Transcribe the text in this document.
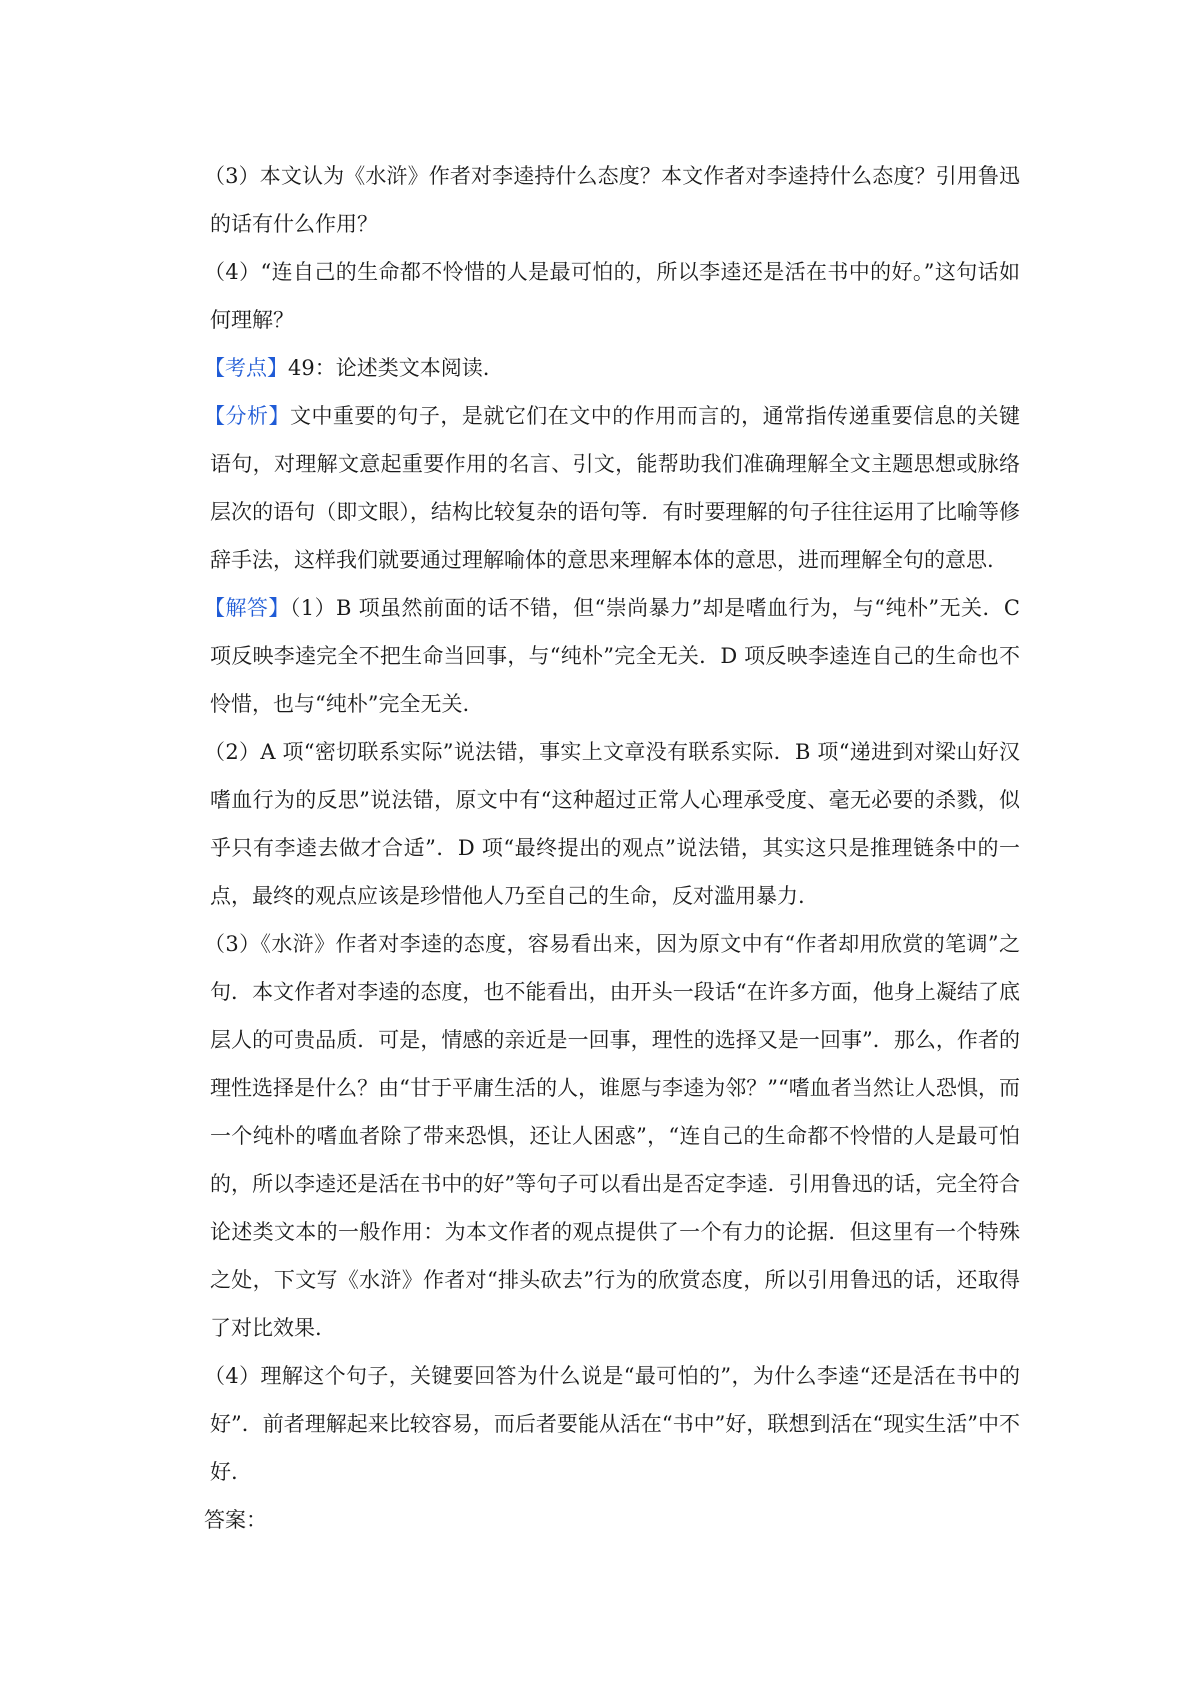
（3）本文认为《水浒》作者对李逵持什么态度？本文作者对李逵持什么态度？引用鲁迅的话有什么作用？

（4）“连自己的生命都不怜惜的人是最可怕的，所以李逵还是活在书中的好。”这句话如何理解？

【考点】49：论述类文本阅读.

【分析】文中重要的句子，是就它们在文中的作用而言的，通常指传递重要信息的关键语句，对理解文意起重要作用的名言、引文，能帮助我们准确理解全文主题思想或脉络层次的语句（即文眼），结构比较复杂的语句等．有时要理解的句子往往运用了比喻等修辞手法，这样我们就要通过理解喻体的意思来理解本体的意思，进而理解全句的意思.

【解答】（1）B 项虽然前面的话不错，但“崇尚暴力”却是嗜血行为，与“纯朴”无关．C 项反映李逵完全不把生命当回事，与“纯朴”完全无关．D 项反映李逵连自己的生命也不怜惜，也与“纯朴”完全无关.

（2）A 项“密切联系实际”说法错，事实上文章没有联系实际．B 项“递进到对梁山好汉嗜血行为的反思”说法错，原文中有“这种超过正常人心理承受度、毫无必要的杀戮，似乎只有李逵去做才合适”．D 项“最终提出的观点”说法错，其实这只是推理链条中的一点，最终的观点应该是珍惜他人乃至自己的生命，反对滥用暴力.

（3）《水浒》作者对李逵的态度，容易看出来，因为原文中有“作者却用欣赏的笔调”之句．本文作者对李逵的态度，也不能看出，由开头一段话“在许多方面，他身上凝结了底层人的可贵品质．可是，情感的亲近是一回事，理性的选择又是一回事”．那么，作者的理性选择是什么？由“甘于平庸生活的人，谁愿与李逵为邻？”“嗜血者当然让人恐惧，而一个纯朴的嗜血者除了带来恐惧，还让人困惑”，“连自己的生命都不怜惜的人是最可怕的，所以李逵还是活在书中的好”等句子可以看出是否定李逵．引用鲁迅的话，完全符合论述类文本的一般作用：为本文作者的观点提供了一个有力的论据．但这里有一个特殊之处，下文写《水浒》作者对“排头砍去”行为的欣赏态度，所以引用鲁迅的话，还取得了对比效果.

（4）理解这个句子，关键要回答为什么说是“最可怕的”，为什么李逵“还是活在书中的好”．前者理解起来比较容易，而后者要能从活在“书中”好，联想到活在“现实生活”中不好.

答案：
